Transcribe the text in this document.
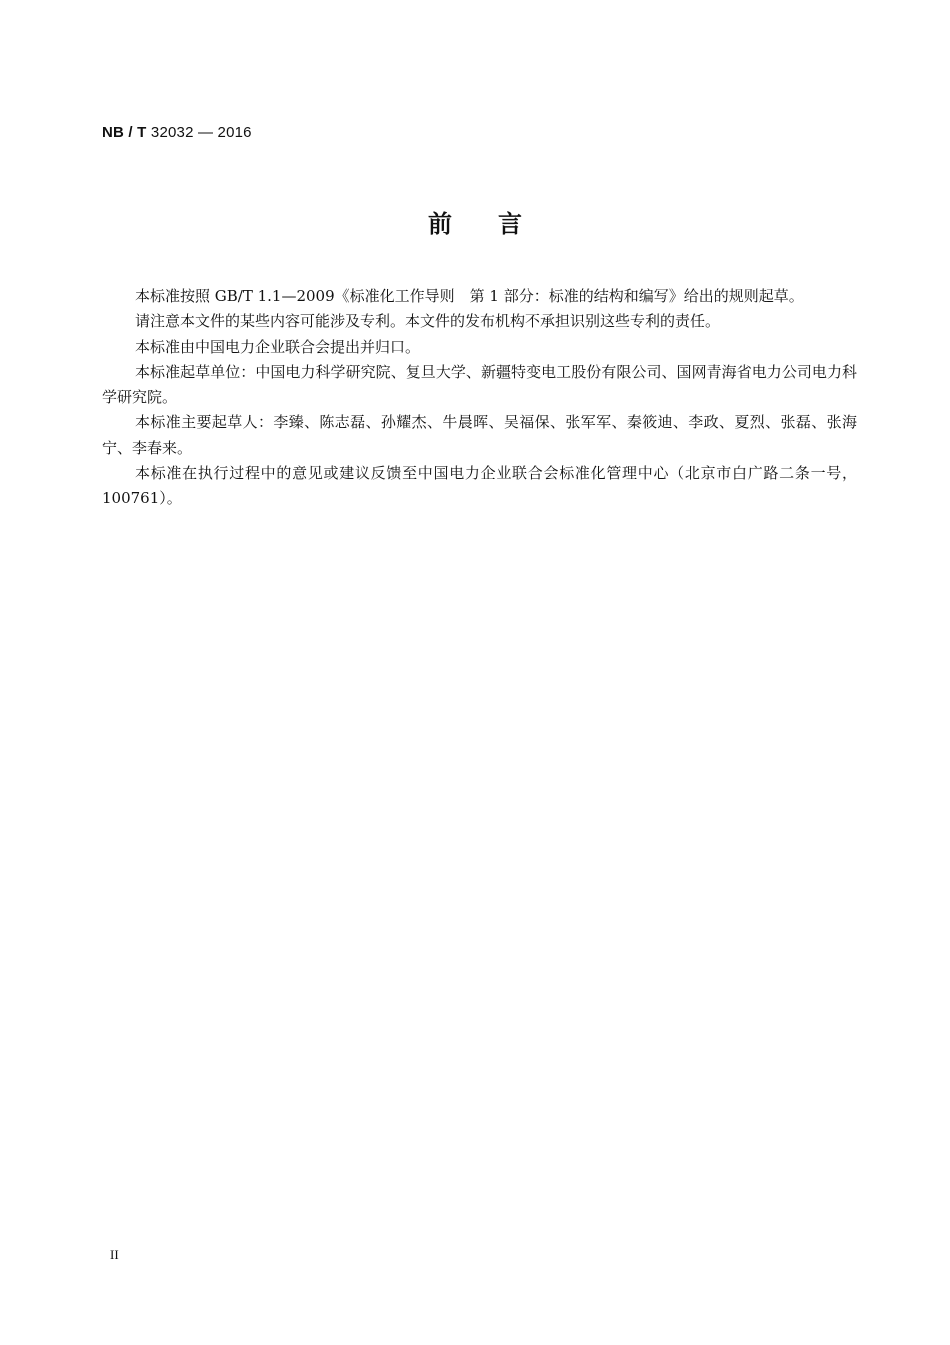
NB / T 32032 — 2016
前言

本标准按照 GB/T 1.1—2009《标准化工作导则　第 1 部分：标准的结构和编写》给出的规则起草。

请注意本文件的某些内容可能涉及专利。本文件的发布机构不承担识别这些专利的责任。

本标准由中国电力企业联合会提出并归口。

本标准起草单位：中国电力科学研究院、复旦大学、新疆特变电工股份有限公司、国网青海省电力公司电力科学研究院。

本标准主要起草人：李臻、陈志磊、孙耀杰、牛晨晖、吴福保、张军军、秦筱迪、李政、夏烈、张磊、张海宁、李春来。

本标准在执行过程中的意见或建议反馈至中国电力企业联合会标准化管理中心（北京市白广路二条一号，100761）。

II
